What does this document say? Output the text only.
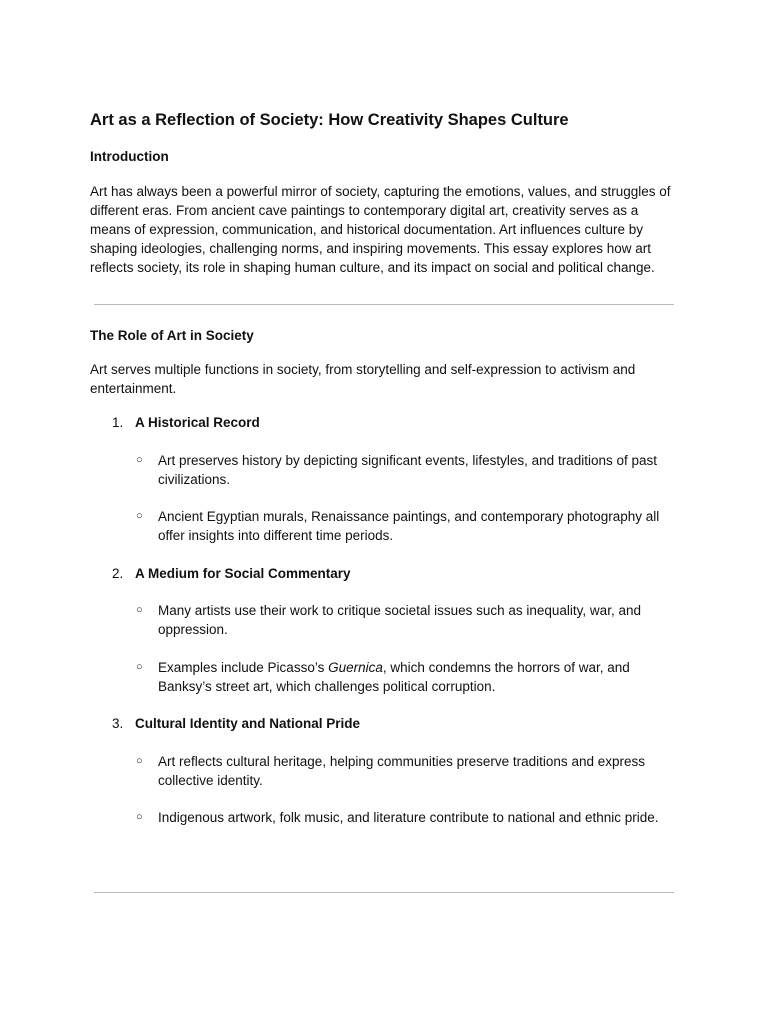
Art as a Reflection of Society: How Creativity Shapes Culture
Introduction

Art has always been a powerful mirror of society, capturing the emotions, values, and struggles of different eras. From ancient cave paintings to contemporary digital art, creativity serves as a means of expression, communication, and historical documentation. Art influences culture by shaping ideologies, challenging norms, and inspiring movements. This essay explores how art reflects society, its role in shaping human culture, and its impact on social and political change.

The Role of Art in Society

Art serves multiple functions in society, from storytelling and self-expression to activism and entertainment.

1. A Historical Record
○ Art preserves history by depicting significant events, lifestyles, and traditions of past civilizations.

○ Ancient Egyptian murals, Renaissance paintings, and contemporary photography all offer insights into different time periods.

2. A Medium for Social Commentary
○ Many artists use their work to critique societal issues such as inequality, war, and oppression.

○ Examples include Picasso’s Guernica, which condemns the horrors of war, and Banksy’s street art, which challenges political corruption.

3. Cultural Identity and National Pride
○ Art reflects cultural heritage, helping communities preserve traditions and express collective identity.

○ Indigenous artwork, folk music, and literature contribute to national and ethnic pride.
